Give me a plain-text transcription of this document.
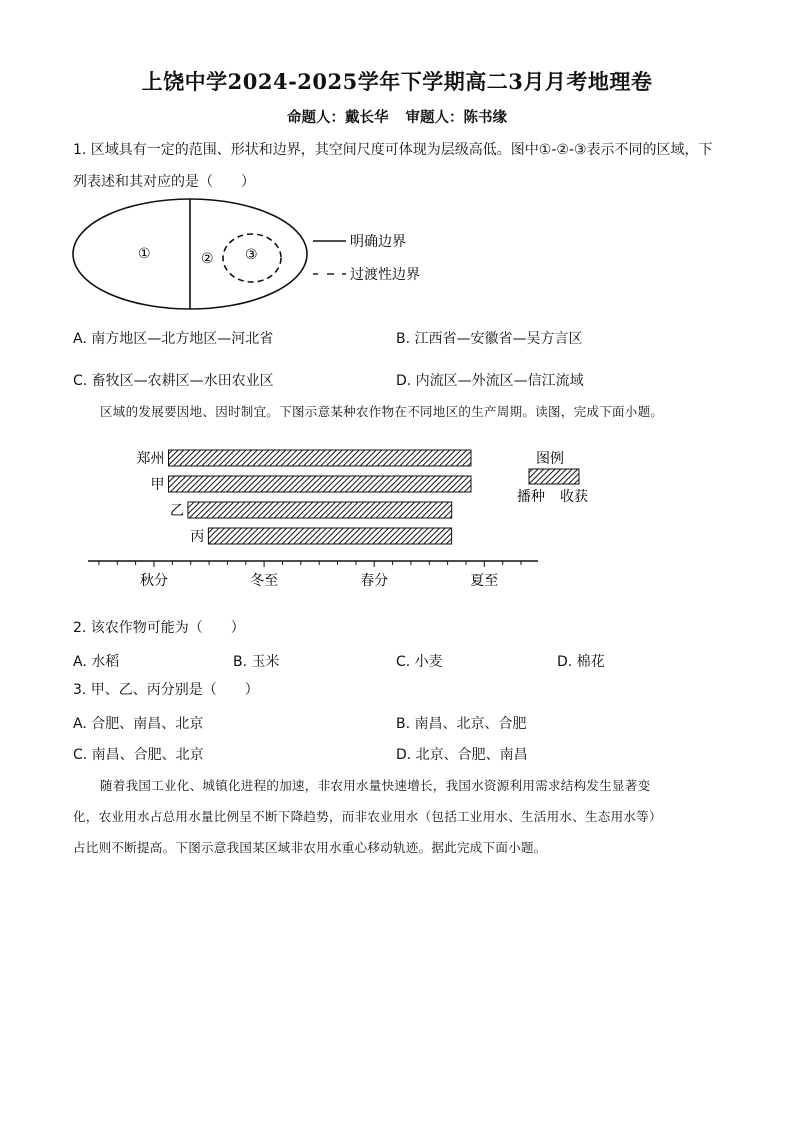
上饶中学2024-2025学年下学期高二3月月考地理卷
命题人：戴长华 审题人：陈书缘
1. 区域具有一定的范围、形状和边界，其空间尺度可体现为层级高低。图中①-②-③表示不同的区域，下
列表述和其对应的是（　　）
①	② ③
明确边界
过渡性边界
A. 南方地区—北方地区—河北省	B. 江西省—安徽省—吴方言区
C. 畜牧区—农耕区—水田农业区	D. 内流区—外流区—信江流域
区域的发展要因地、因时制宜。下图示意某种农作物在不同地区的生产周期。读图，完成下面小题。
郑州
甲
乙
丙
秋分	冬至	春分	夏至
图例
播种 收获
2. 该农作物可能为（　　）
A. 水稻	B. 玉米	C. 小麦	D. 棉花
3. 甲、乙、丙分别是（　　）
A. 合肥、南昌、北京	B. 南昌、北京、合肥
C. 南昌、合肥、北京	D. 北京、合肥、南昌
随着我国工业化、城镇化进程的加速，非农用水量快速增长，我国水资源利用需求结构发生显著变
化，农业用水占总用水量比例呈不断下降趋势，而非农业用水（包括工业用水、生活用水、生态用水等）
占比则不断提高。下图示意我国某区域非农用水重心移动轨迹。据此完成下面小题。
